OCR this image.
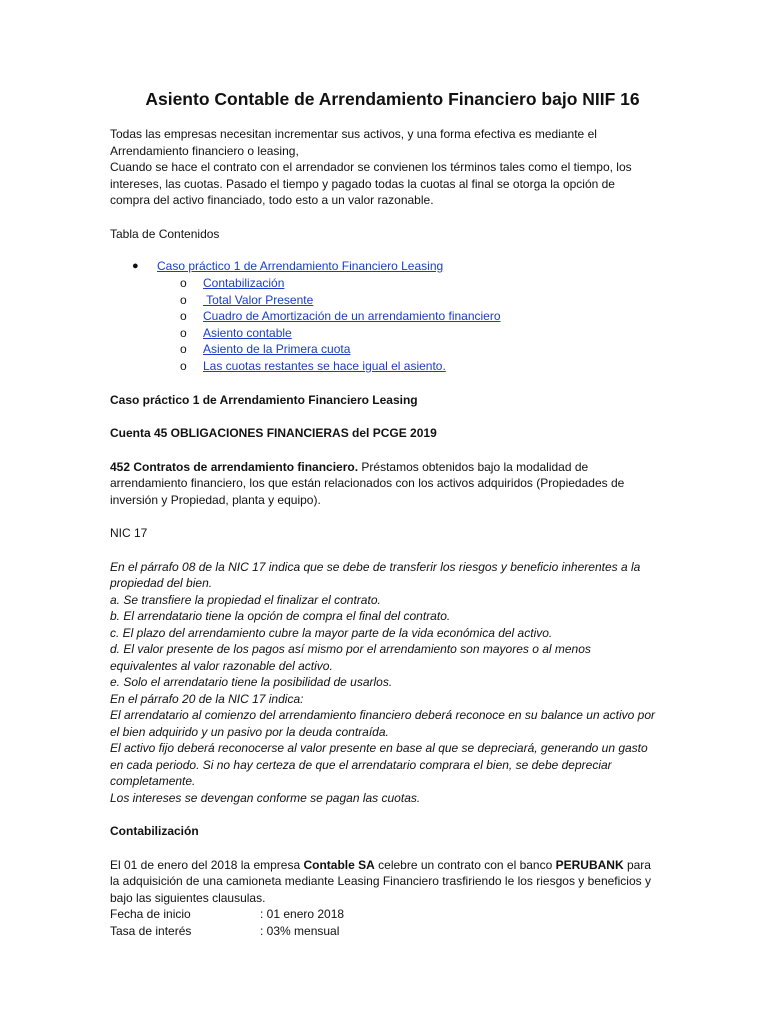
Asiento Contable de Arrendamiento Financiero bajo NIIF 16

Todas las empresas necesitan incrementar sus activos, y una forma efectiva es mediante el Arrendamiento financiero o leasing,

Cuando se hace el contrato con el arrendador se convienen los términos tales como el tiempo, los intereses, las cuotas. Pasado el tiempo y pagado todas la cuotas al final se otorga la opción de compra del activo financiado, todo esto a un valor razonable.

Tabla de Contenidos

● Caso práctico 1 de Arrendamiento Financiero Leasing
o Contabilización
o Total Valor Presente
o Cuadro de Amortización de un arrendamiento financiero
o Asiento contable
o Asiento de la Primera cuota
o Las cuotas restantes se hace igual el asiento.

Caso práctico 1 de Arrendamiento Financiero Leasing

Cuenta 45 OBLIGACIONES FINANCIERAS del PCGE 2019

452 Contratos de arrendamiento financiero. Préstamos obtenidos bajo la modalidad de arrendamiento financiero, los que están relacionados con los activos adquiridos (Propiedades de inversión y Propiedad, planta y equipo).

NIC 17

En el párrafo 08 de la NIC 17 indica que se debe de transferir los riesgos y beneficio inherentes a la propiedad del bien.

a. Se transfiere la propiedad el finalizar el contrato.

b. El arrendatario tiene la opción de compra el final del contrato.

c. El plazo del arrendamiento cubre la mayor parte de la vida económica del activo.

d. El valor presente de los pagos así mismo por el arrendamiento son mayores o al menos equivalentes al valor razonable del activo.

e. Solo el arrendatario tiene la posibilidad de usarlos.

En el párrafo 20 de la NIC 17 indica:

El arrendatario al comienzo del arrendamiento financiero deberá reconoce en su balance un activo por el bien adquirido y un pasivo por la deuda contraída.

El activo fijo deberá reconocerse al valor presente en base al que se depreciará, generando un gasto en cada periodo. Si no hay certeza de que el arrendatario comprara el bien, se debe depreciar completamente.

Los intereses se devengan conforme se pagan las cuotas.

Contabilización

El 01 de enero del 2018 la empresa Contable SA celebre un contrato con el banco PERUBANK para la adquisición de una camioneta mediante Leasing Financiero trasfiriendo le los riesgos y beneficios y bajo las siguientes clausulas.

Fecha de inicio	: 01 enero 2018
Tasa de interés	: 03% mensual
